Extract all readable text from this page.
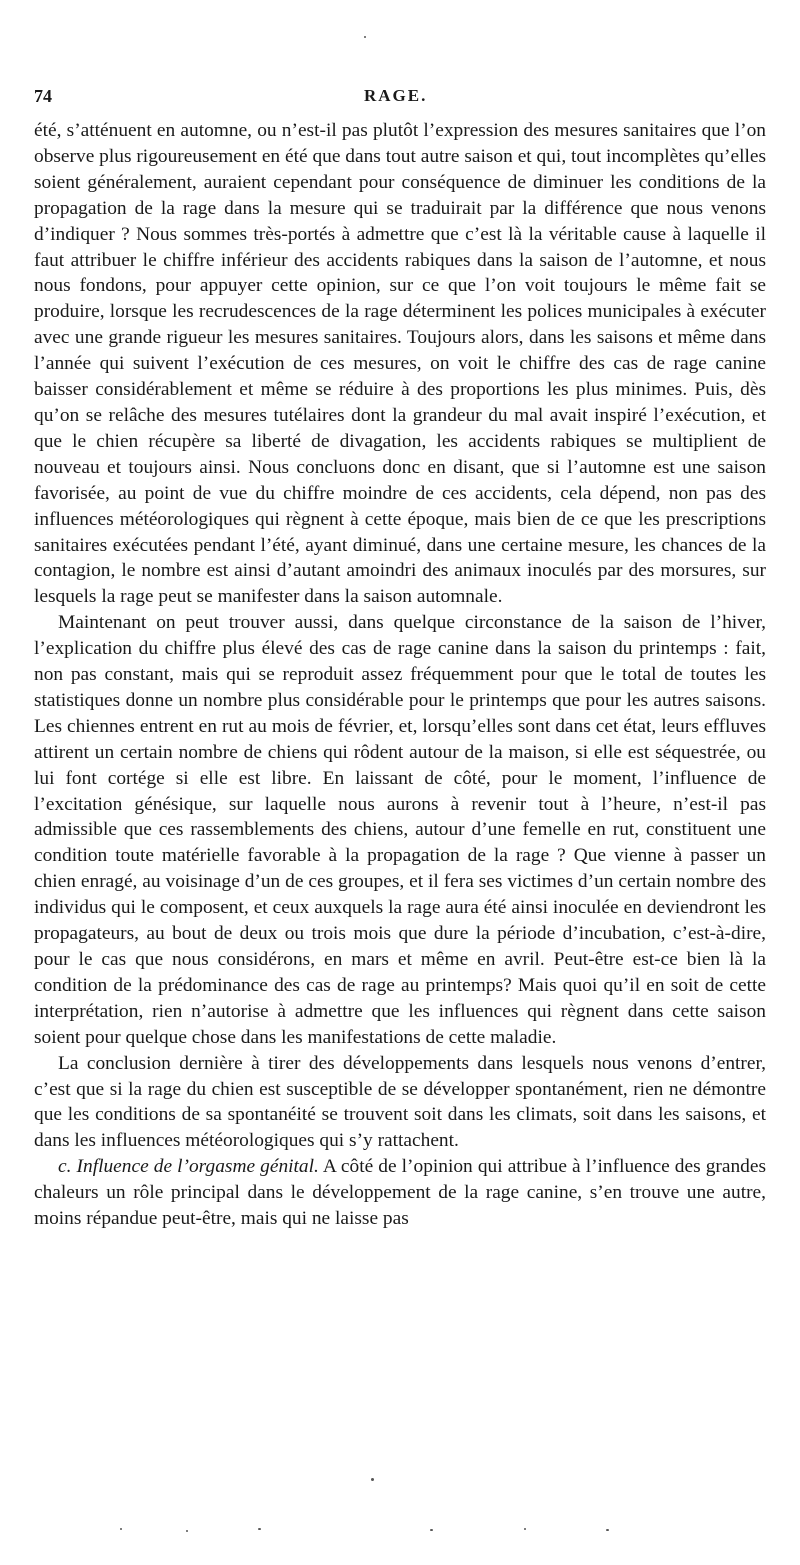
74	RAGE.

été, s’atténuent en automne, ou n’est-il pas plutôt l’expression des mesures sanitaires que l’on observe plus rigoureusement en été que dans tout autre saison et qui, tout incomplètes qu’elles soient généralement, auraient cependant pour conséquence de diminuer les conditions de la propagation de la rage dans la mesure qui se traduirait par la différence que nous venons d’indiquer ? Nous sommes très-portés à admettre que c’est là la véritable cause à laquelle il faut attribuer le chiffre inférieur des accidents rabiques dans la saison de l’automne, et nous nous fondons, pour appuyer cette opinion, sur ce que l’on voit toujours le même fait se produire, lorsque les recrudescences de la rage déterminent les polices municipales à exécuter avec une grande rigueur les mesures sanitaires. Toujours alors, dans les saisons et même dans l’année qui suivent l’exécution de ces mesures, on voit le chiffre des cas de rage canine baisser considérablement et même se réduire à des proportions les plus minimes. Puis, dès qu’on se relâche des mesures tutélaires dont la grandeur du mal avait inspiré l’exécution, et que le chien récupère sa liberté de divagation, les accidents rabiques se multiplient de nouveau et toujours ainsi. Nous concluons donc en disant, que si l’automne est une saison favorisée, au point de vue du chiffre moindre de ces accidents, cela dépend, non pas des influences météorologiques qui règnent à cette époque, mais bien de ce que les prescriptions sanitaires exécutées pendant l’été, ayant diminué, dans une certaine mesure, les chances de la contagion, le nombre est ainsi d’autant amoindri des animaux inoculés par des morsures, sur lesquels la rage peut se manifester dans la saison automnale.

Maintenant on peut trouver aussi, dans quelque circonstance de la saison de l’hiver, l’explication du chiffre plus élevé des cas de rage canine dans la saison du printemps : fait, non pas constant, mais qui se reproduit assez fréquemment pour que le total de toutes les statistiques donne un nombre plus considérable pour le printemps que pour les autres saisons. Les chiennes entrent en rut au mois de février, et, lorsqu’elles sont dans cet état, leurs effluves attirent un certain nombre de chiens qui rôdent autour de la maison, si elle est séquestrée, ou lui font cortége si elle est libre. En laissant de côté, pour le moment, l’influence de l’excitation génésique, sur laquelle nous aurons à revenir tout à l’heure, n’est-il pas admissible que ces rassemblements des chiens, autour d’une femelle en rut, constituent une condition toute matérielle favorable à la propagation de la rage ? Que vienne à passer un chien enragé, au voisinage d’un de ces groupes, et il fera ses victimes d’un certain nombre des individus qui le composent, et ceux auxquels la rage aura été ainsi inoculée en deviendront les propagateurs, au bout de deux ou trois mois que dure la période d’incubation, c’est-à-dire, pour le cas que nous considérons, en mars et même en avril. Peut-être est-ce bien là la condition de la prédominance des cas de rage au printemps? Mais quoi qu’il en soit de cette interprétation, rien n’autorise à admettre que les influences qui règnent dans cette saison soient pour quelque chose dans les manifestations de cette maladie.

La conclusion dernière à tirer des développements dans lesquels nous venons d’entrer, c’est que si la rage du chien est susceptible de se développer spontanément, rien ne démontre que les conditions de sa spontanéité se trouvent soit dans les climats, soit dans les saisons, et dans les influences météorologiques qui s’y rattachent.

c. Influence de l’orgasme génital. A côté de l’opinion qui attribue à l’influence des grandes chaleurs un rôle principal dans le développement de la rage canine, s’en trouve une autre, moins répandue peut-être, mais qui ne laisse pas
